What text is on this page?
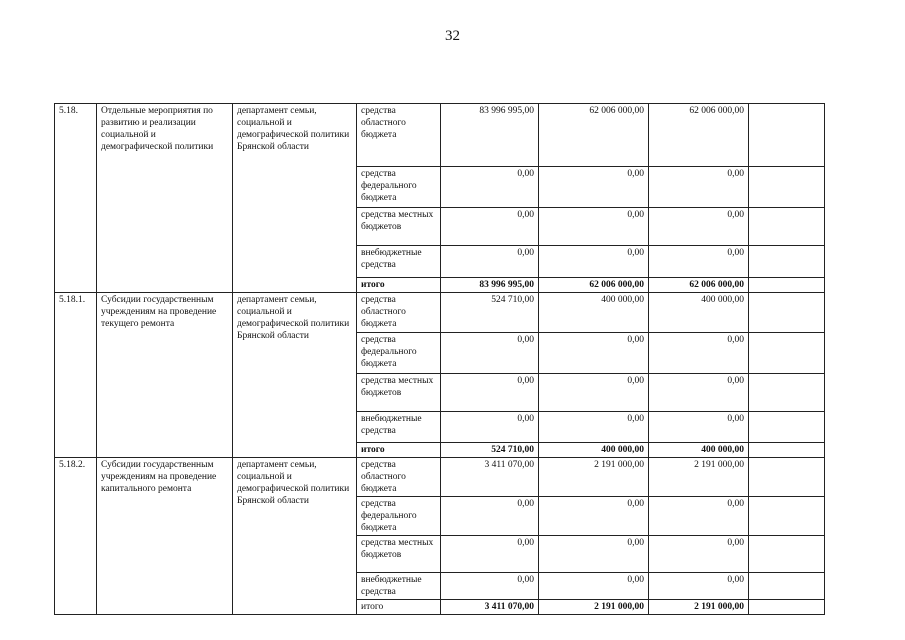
32
5.18.	Отдельные мероприятия по развитию и реализации социальной и демографической политики	департамент семьи, социальной и демографической политики Брянской области	средства областного бюджета	83 996 995,00	62 006 000,00	62 006 000,00	
			средства федерального бюджета	0,00	0,00	0,00	
			средства местных бюджетов	0,00	0,00	0,00	
			внебюджетные средства	0,00	0,00	0,00	
			итого	83 996 995,00	62 006 000,00	62 006 000,00	
5.18.1.	Субсидии государственным учреждениям на проведение текущего ремонта	департамент семьи, социальной и демографической политики Брянской области	средства областного бюджета	524 710,00	400 000,00	400 000,00	
			средства федерального бюджета	0,00	0,00	0,00	
			средства местных бюджетов	0,00	0,00	0,00	
			внебюджетные средства	0,00	0,00	0,00	
			итого	524 710,00	400 000,00	400 000,00	
5.18.2.	Субсидии государственным учреждениям на проведение капитального ремонта	департамент семьи, социальной и демографической политики Брянской области	средства областного бюджета	3 411 070,00	2 191 000,00	2 191 000,00	
			средства федерального бюджета	0,00	0,00	0,00	
			средства местных бюджетов	0,00	0,00	0,00	
			внебюджетные средства	0,00	0,00	0,00	
			итого	3 411 070,00	2 191 000,00	2 191 000,00	
